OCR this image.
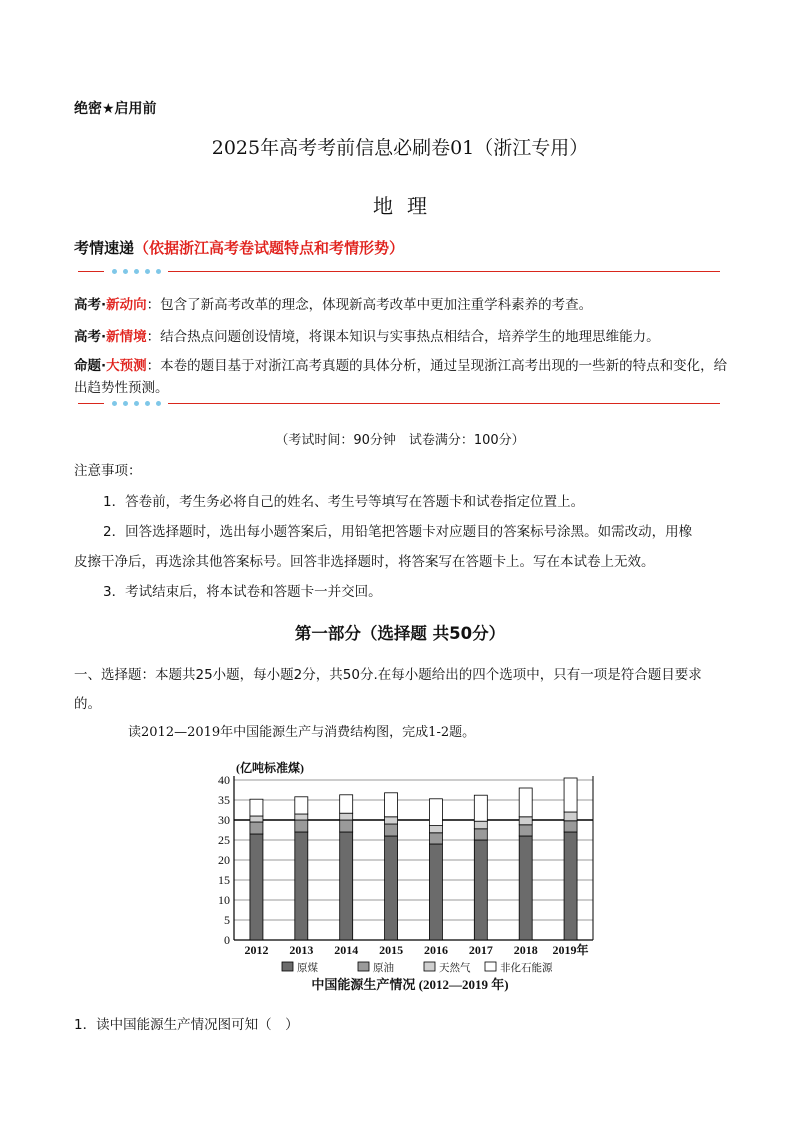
绝密★启用前
2025年高考考前信息必刷卷01（浙江专用）
地理
考情速递（依据浙江高考卷试题特点和考情形势）
高考·新动向：包含了新高考改革的理念，体现新高考改革中更加注重学科素养的考查。
高考·新情境：结合热点问题创设情境，将课本知识与实事热点相结合，培养学生的地理思维能力。
命题·大预测：本卷的题目基于对浙江高考真题的具体分析，通过呈现浙江高考出现的一些新的特点和变化，给出趋势性预测。
（考试时间：90分钟　试卷满分：100分）
注意事项：
1．答卷前，考生务必将自己的姓名、考生号等填写在答题卡和试卷指定位置上。
2．回答选择题时，选出每小题答案后，用铅笔把答题卡对应题目的答案标号涂黑。如需改动，用橡
皮擦干净后，再选涂其他答案标号。回答非选择题时，将答案写在答题卡上。写在本试卷上无效。
3．考试结束后，将本试卷和答题卡一并交回。
第一部分（选择题 共50分）
一、选择题：本题共25小题，每小题2分，共50分.在每小题给出的四个选项中，只有一项是符合题目要求的。
读2012—2019年中国能源生产与消费结构图，完成1-2题。
0
5
10
15
20
25
30
35
40
(亿吨标准煤)
2012 2013 2014 2015 2016 2017 2018 2019年
原煤	原油	天然气	非化石能源
中国能源生产情况 (2012—2019 年)
1．读中国能源生产情况图可知（　）
